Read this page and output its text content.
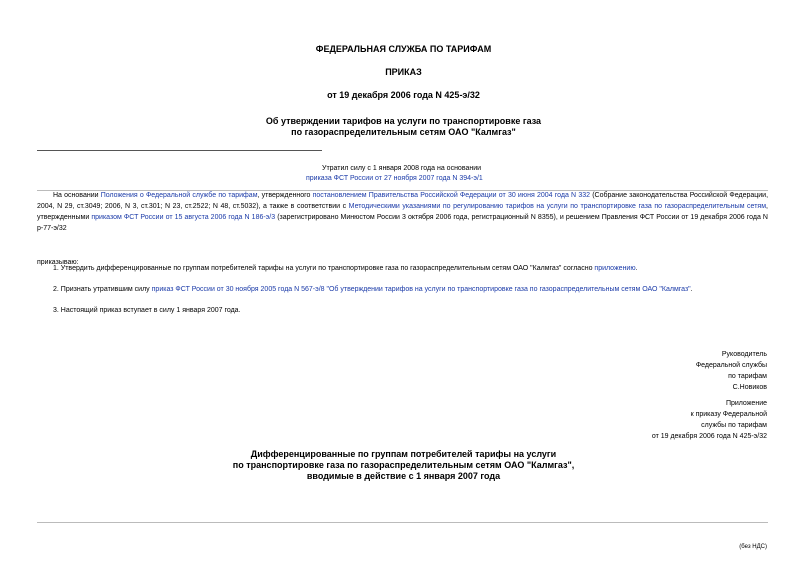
ФЕДЕРАЛЬНАЯ СЛУЖБА ПО ТАРИФАМ
ПРИКАЗ
от 19 декабря 2006 года N 425-э/32
Об утверждении тарифов на услуги по транспортировке газа
по газораспределительным сетям ОАО "Калмгаз"
Утратил силу с 1 января 2008 года на основании
приказа ФСТ России от 27 ноября 2007 года N 394-э/1
На основании Положения о Федеральной службе по тарифам, утвержденного постановлением Правительства Российской Федерации от 30 июня 2004 года N 332 (Собрание законодательства Российской Федерации, 2004, N 29, ст.3049; 2006, N 3, ст.301; N 23, ст.2522; N 48, ст.5032), а также в соответствии с Методическими указаниями по регулированию тарифов на услуги по транспортировке газа по газораспределительным сетям, утвержденными приказом ФСТ России от 15 августа 2006 года N 186-э/3 (зарегистрировано Минюстом России 3 октября 2006 года, регистрационный N 8355), и решением Правления ФСТ России от 19 декабря 2006 года N р-77-э/32
приказываю:
1. Утвердить дифференцированные по группам потребителей тарифы на услуги по транспортировке газа по газораспределительным сетям ОАО "Калмгаз" согласно приложению.
2. Признать утратившим силу приказ ФСТ России от 30 ноября 2005 года N 567-э/8 "Об утверждении тарифов на услуги по транспортировке газа по газораспределительным сетям ОАО "Калмгаз".
3. Настоящий приказ вступает в силу 1 января 2007 года.
Руководитель
Федеральной службы
по тарифам
С.Новиков
Приложение
к приказу Федеральной
службы по тарифам
от 19 декабря 2006 года N 425-э/32
Дифференцированные по группам потребителей тарифы на услуги
по транспортировке газа по газораспределительным сетям ОАО "Калмгаз",
вводимые в действие с 1 января 2007 года
(без НДС)
